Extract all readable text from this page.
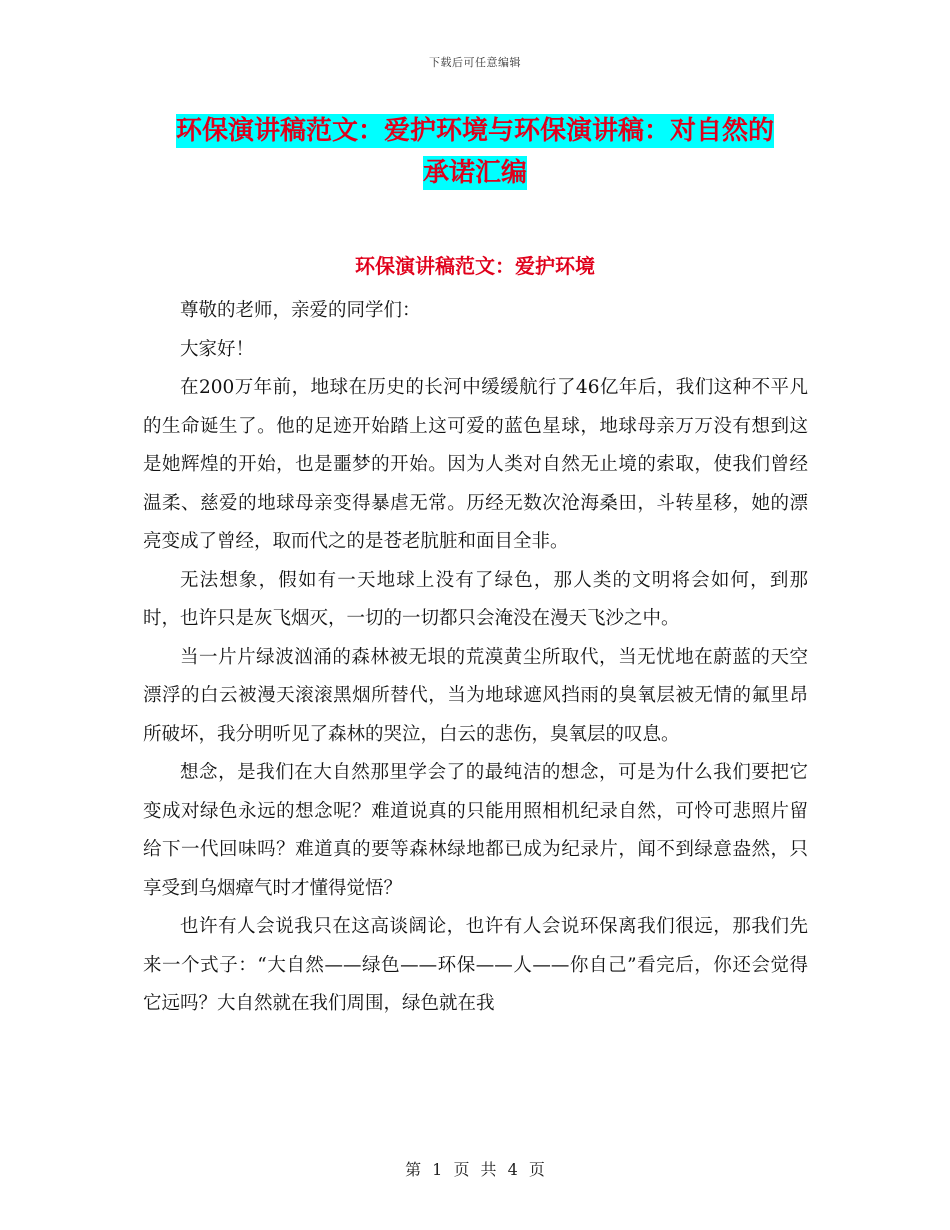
下载后可任意编辑
环保演讲稿范文：爱护环境与环保演讲稿：对自然的
承诺汇编
环保演讲稿范文：爱护环境

尊敬的老师，亲爱的同学们：

大家好！

在200万年前，地球在历史的长河中缓缓航行了46亿年后，我们这种不平凡的生命诞生了。他的足迹开始踏上这可爱的蓝色星球，地球母亲万万没有想到这是她辉煌的开始，也是噩梦的开始。因为人类对自然无止境的索取，使我们曾经温柔、慈爱的地球母亲变得暴虐无常。历经无数次沧海桑田，斗转星移，她的漂亮变成了曾经，取而代之的是苍老肮脏和面目全非。

无法想象，假如有一天地球上没有了绿色，那人类的文明将会如何，到那时，也许只是灰飞烟灭，一切的一切都只会淹没在漫天飞沙之中。

当一片片绿波汹涌的森林被无垠的荒漠黄尘所取代，当无忧地在蔚蓝的天空漂浮的白云被漫天滚滚黑烟所替代，当为地球遮风挡雨的臭氧层被无情的氟里昂所破坏，我分明听见了森林的哭泣，白云的悲伤，臭氧层的叹息。

想念，是我们在大自然那里学会了的最纯洁的想念，可是为什么我们要把它变成对绿色永远的想念呢？难道说真的只能用照相机纪录自然，可怜可悲照片留给下一代回味吗？难道真的要等森林绿地都已成为纪录片，闻不到绿意盎然，只享受到乌烟瘴气时才懂得觉悟？

也许有人会说我只在这高谈阔论，也许有人会说环保离我们很远，那我们先来一个式子：“大自然——绿色——环保——人——你自己”看完后，你还会觉得它远吗？大自然就在我们周围，绿色就在我

第 1 页 共 4 页
